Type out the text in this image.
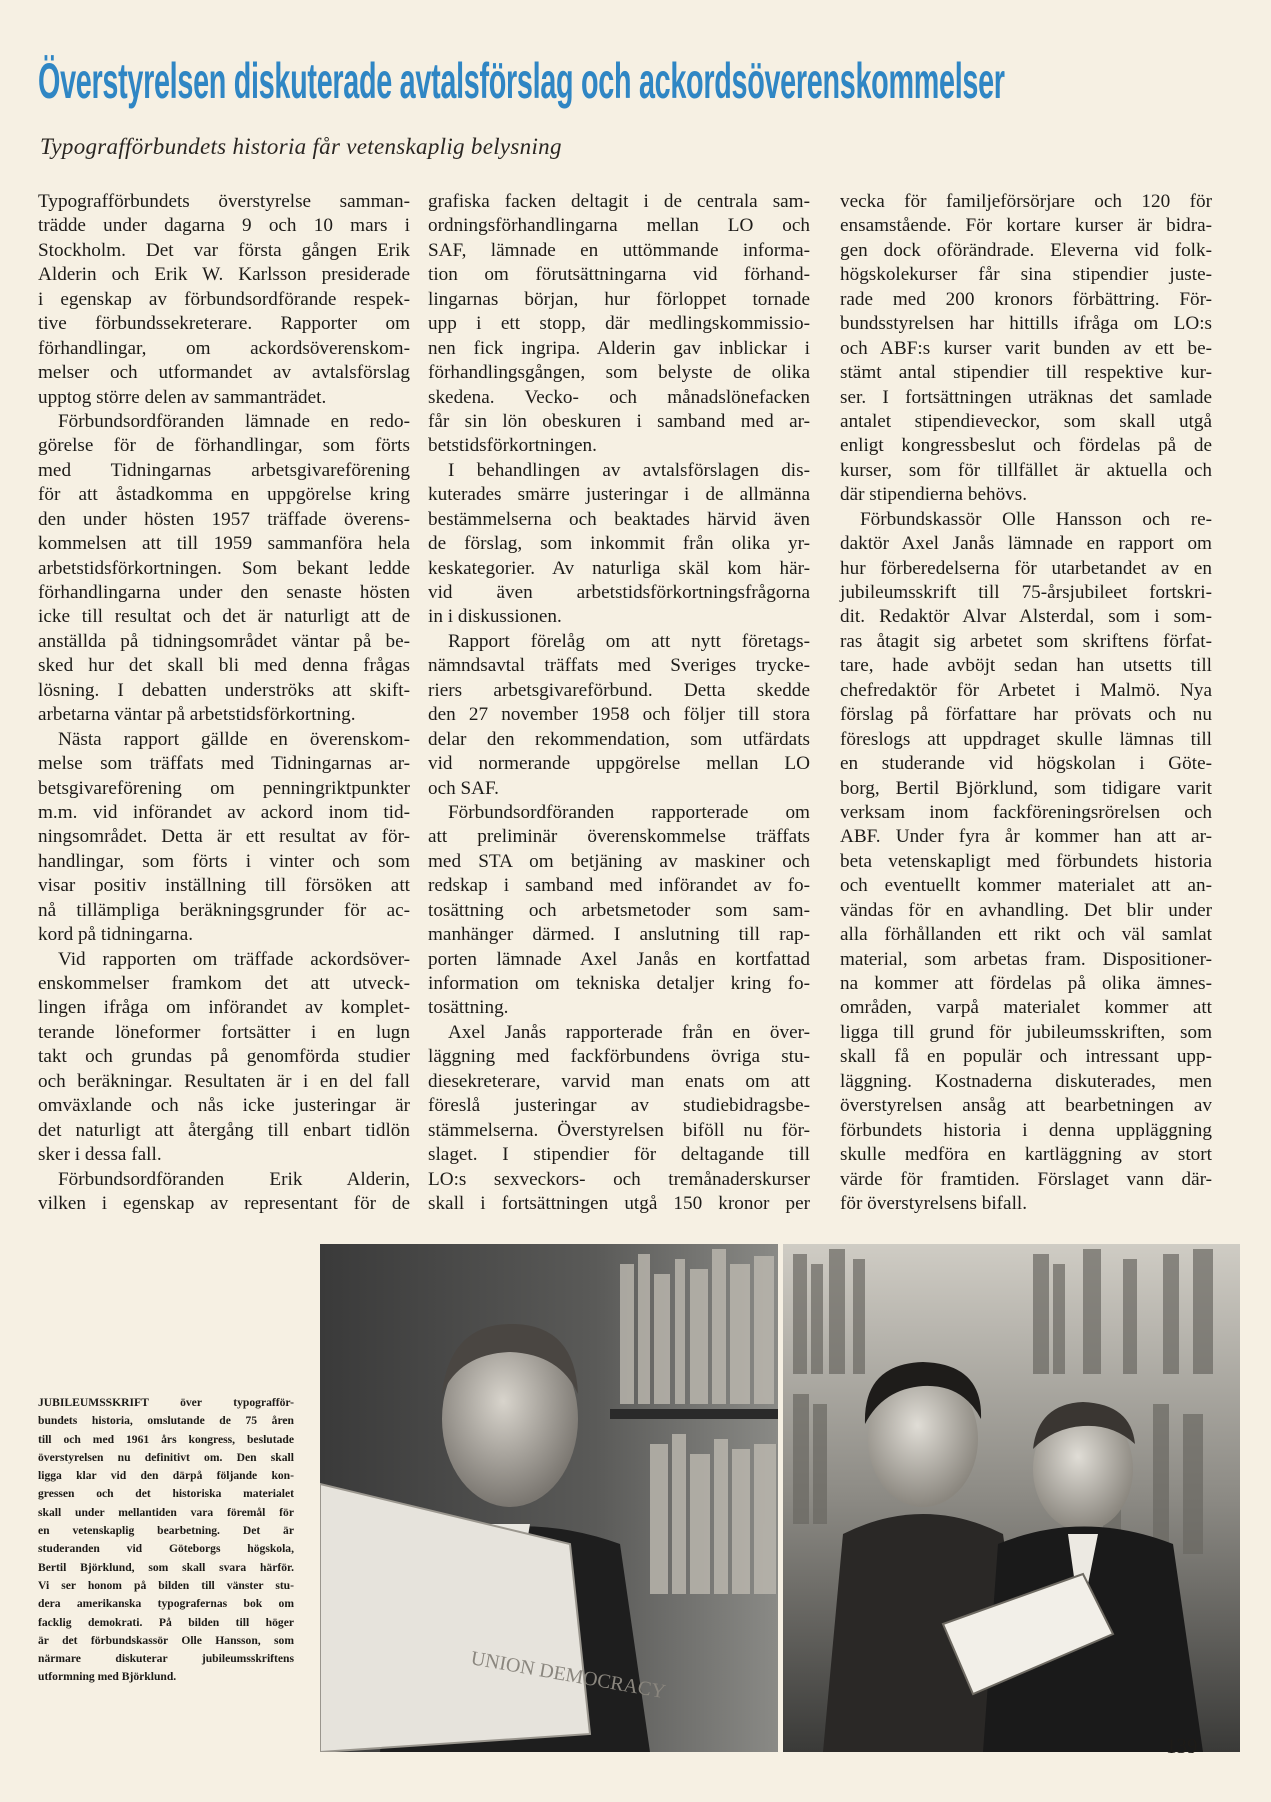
Överstyrelsen diskuterade avtalsförslag och ackordsöverenskommelser
Typografförbundets historia får vetenskaplig belysning
Typografförbundets överstyrelse samman-
trädde under dagarna 9 och 10 mars i
Stockholm. Det var första gången Erik
Alderin och Erik W. Karlsson presiderade
i egenskap av förbundsordförande respek-
tive förbundssekreterare. Rapporter om
förhandlingar, om ackordsöverenskom-
melser och utformandet av avtalsförslag
upptog större delen av sammanträdet.
Förbundsordföranden lämnade en redo-
görelse för de förhandlingar, som förts
med Tidningarnas arbetsgivareförening
för att åstadkomma en uppgörelse kring
den under hösten 1957 träffade överens-
kommelsen att till 1959 sammanföra hela
arbetstidsförkortningen. Som bekant ledde
förhandlingarna under den senaste hösten
icke till resultat och det är naturligt att de
anställda på tidningsområdet väntar på be-
sked hur det skall bli med denna frågas
lösning. I debatten underströks att skift-
arbetarna väntar på arbetstidsförkortning.
Nästa rapport gällde en överenskom-
melse som träffats med Tidningarnas ar-
betsgivareförening om penningriktpunkter
m.m. vid införandet av ackord inom tid-
ningsområdet. Detta är ett resultat av för-
handlingar, som förts i vinter och som
visar positiv inställning till försöken att
nå tillämpliga beräkningsgrunder för ac-
kord på tidningarna.
Vid rapporten om träffade ackordsöver-
enskommelser framkom det att utveck-
lingen ifråga om införandet av komplet-
terande löneformer fortsätter i en lugn
takt och grundas på genomförda studier
och beräkningar. Resultaten är i en del fall
omväxlande och nås icke justeringar är
det naturligt att återgång till enbart tidlön
sker i dessa fall.
Förbundsordföranden Erik Alderin,
vilken i egenskap av representant för de
grafiska facken deltagit i de centrala sam-
ordningsförhandlingarna mellan LO och
SAF, lämnade en uttömmande informa-
tion om förutsättningarna vid förhand-
lingarnas början, hur förloppet tornade
upp i ett stopp, där medlingskommissio-
nen fick ingripa. Alderin gav inblickar i
förhandlingsgången, som belyste de olika
skedena. Vecko- och månadslönefacken
får sin lön obeskuren i samband med ar-
betstidsförkortningen.
I behandlingen av avtalsförslagen dis-
kuterades smärre justeringar i de allmänna
bestämmelserna och beaktades härvid även
de förslag, som inkommit från olika yr-
keskategorier. Av naturliga skäl kom här-
vid även arbetstidsförkortningsfrågorna
in i diskussionen.
Rapport förelåg om att nytt företags-
nämndsavtal träffats med Sveriges trycke-
riers arbetsgivareförbund. Detta skedde
den 27 november 1958 och följer till stora
delar den rekommendation, som utfärdats
vid normerande uppgörelse mellan LO
och SAF.
Förbundsordföranden rapporterade om
att preliminär överenskommelse träffats
med STA om betjäning av maskiner och
redskap i samband med införandet av fo-
tosättning och arbetsmetoder som sam-
manhänger därmed. I anslutning till rap-
porten lämnade Axel Janås en kortfattad
information om tekniska detaljer kring fo-
tosättning.
Axel Janås rapporterade från en över-
läggning med fackförbundens övriga stu-
diesekreterare, varvid man enats om att
föreslå justeringar av studiebidragsbe-
stämmelserna. Överstyrelsen biföll nu för-
slaget. I stipendier för deltagande till
LO:s sexveckors- och tremånaderskurser
skall i fortsättningen utgå 150 kronor per
vecka för familjeförsörjare och 120 för
ensamstående. För kortare kurser är bidra-
gen dock oförändrade. Eleverna vid folk-
högskolekurser får sina stipendier juste-
rade med 200 kronors förbättring. För-
bundsstyrelsen har hittills ifråga om LO:s
och ABF:s kurser varit bunden av ett be-
stämt antal stipendier till respektive kur-
ser. I fortsättningen uträknas det samlade
antalet stipendieveckor, som skall utgå
enligt kongressbeslut och fördelas på de
kurser, som för tillfället är aktuella och
där stipendierna behövs.
Förbundskassör Olle Hansson och re-
daktör Axel Janås lämnade en rapport om
hur förberedelserna för utarbetandet av en
jubileumsskrift till 75-årsjubileet fortskri-
dit. Redaktör Alvar Alsterdal, som i som-
ras åtagit sig arbetet som skriftens förfat-
tare, hade avböjt sedan han utsetts till
chefredaktör för Arbetet i Malmö. Nya
förslag på författare har prövats och nu
föreslogs att uppdraget skulle lämnas till
en studerande vid högskolan i Göte-
borg, Bertil Björklund, som tidigare varit
verksam inom fackföreningsrörelsen och
ABF. Under fyra år kommer han att ar-
beta vetenskapligt med förbundets historia
och eventuellt kommer materialet att an-
vändas för en avhandling. Det blir under
alla förhållanden ett rikt och väl samlat
material, som arbetas fram. Dispositioner-
na kommer att fördelas på olika ämnes-
områden, varpå materialet kommer att
ligga till grund för jubileumsskriften, som
skall få en populär och intressant upp-
läggning. Kostnaderna diskuterades, men
överstyrelsen ansåg att bearbetningen av
förbundets historia i denna uppläggning
skulle medföra en kartläggning av stort
värde för framtiden. Förslaget vann där-
för överstyrelsens bifall.
JUBILEUMSSKRIFT över typografför-
bundets historia, omslutande de 75 åren
till och med 1961 års kongress, beslutade
överstyrelsen nu definitivt om. Den skall
ligga klar vid den därpå följande kon-
gressen och det historiska materialet
skall under mellantiden vara föremål för
en vetenskaplig bearbetning. Det är
studeranden vid Göteborgs högskola,
Bertil Björklund, som skall svara härför.
Vi ser honom på bilden till vänster stu-
dera amerikanska typografernas bok om
facklig demokrati. På bilden till höger
är det förbundskassör Olle Hansson, som
närmare diskuterar jubileumsskriftens
utformning med Björklund.	UNION DEMOCRACY
139
